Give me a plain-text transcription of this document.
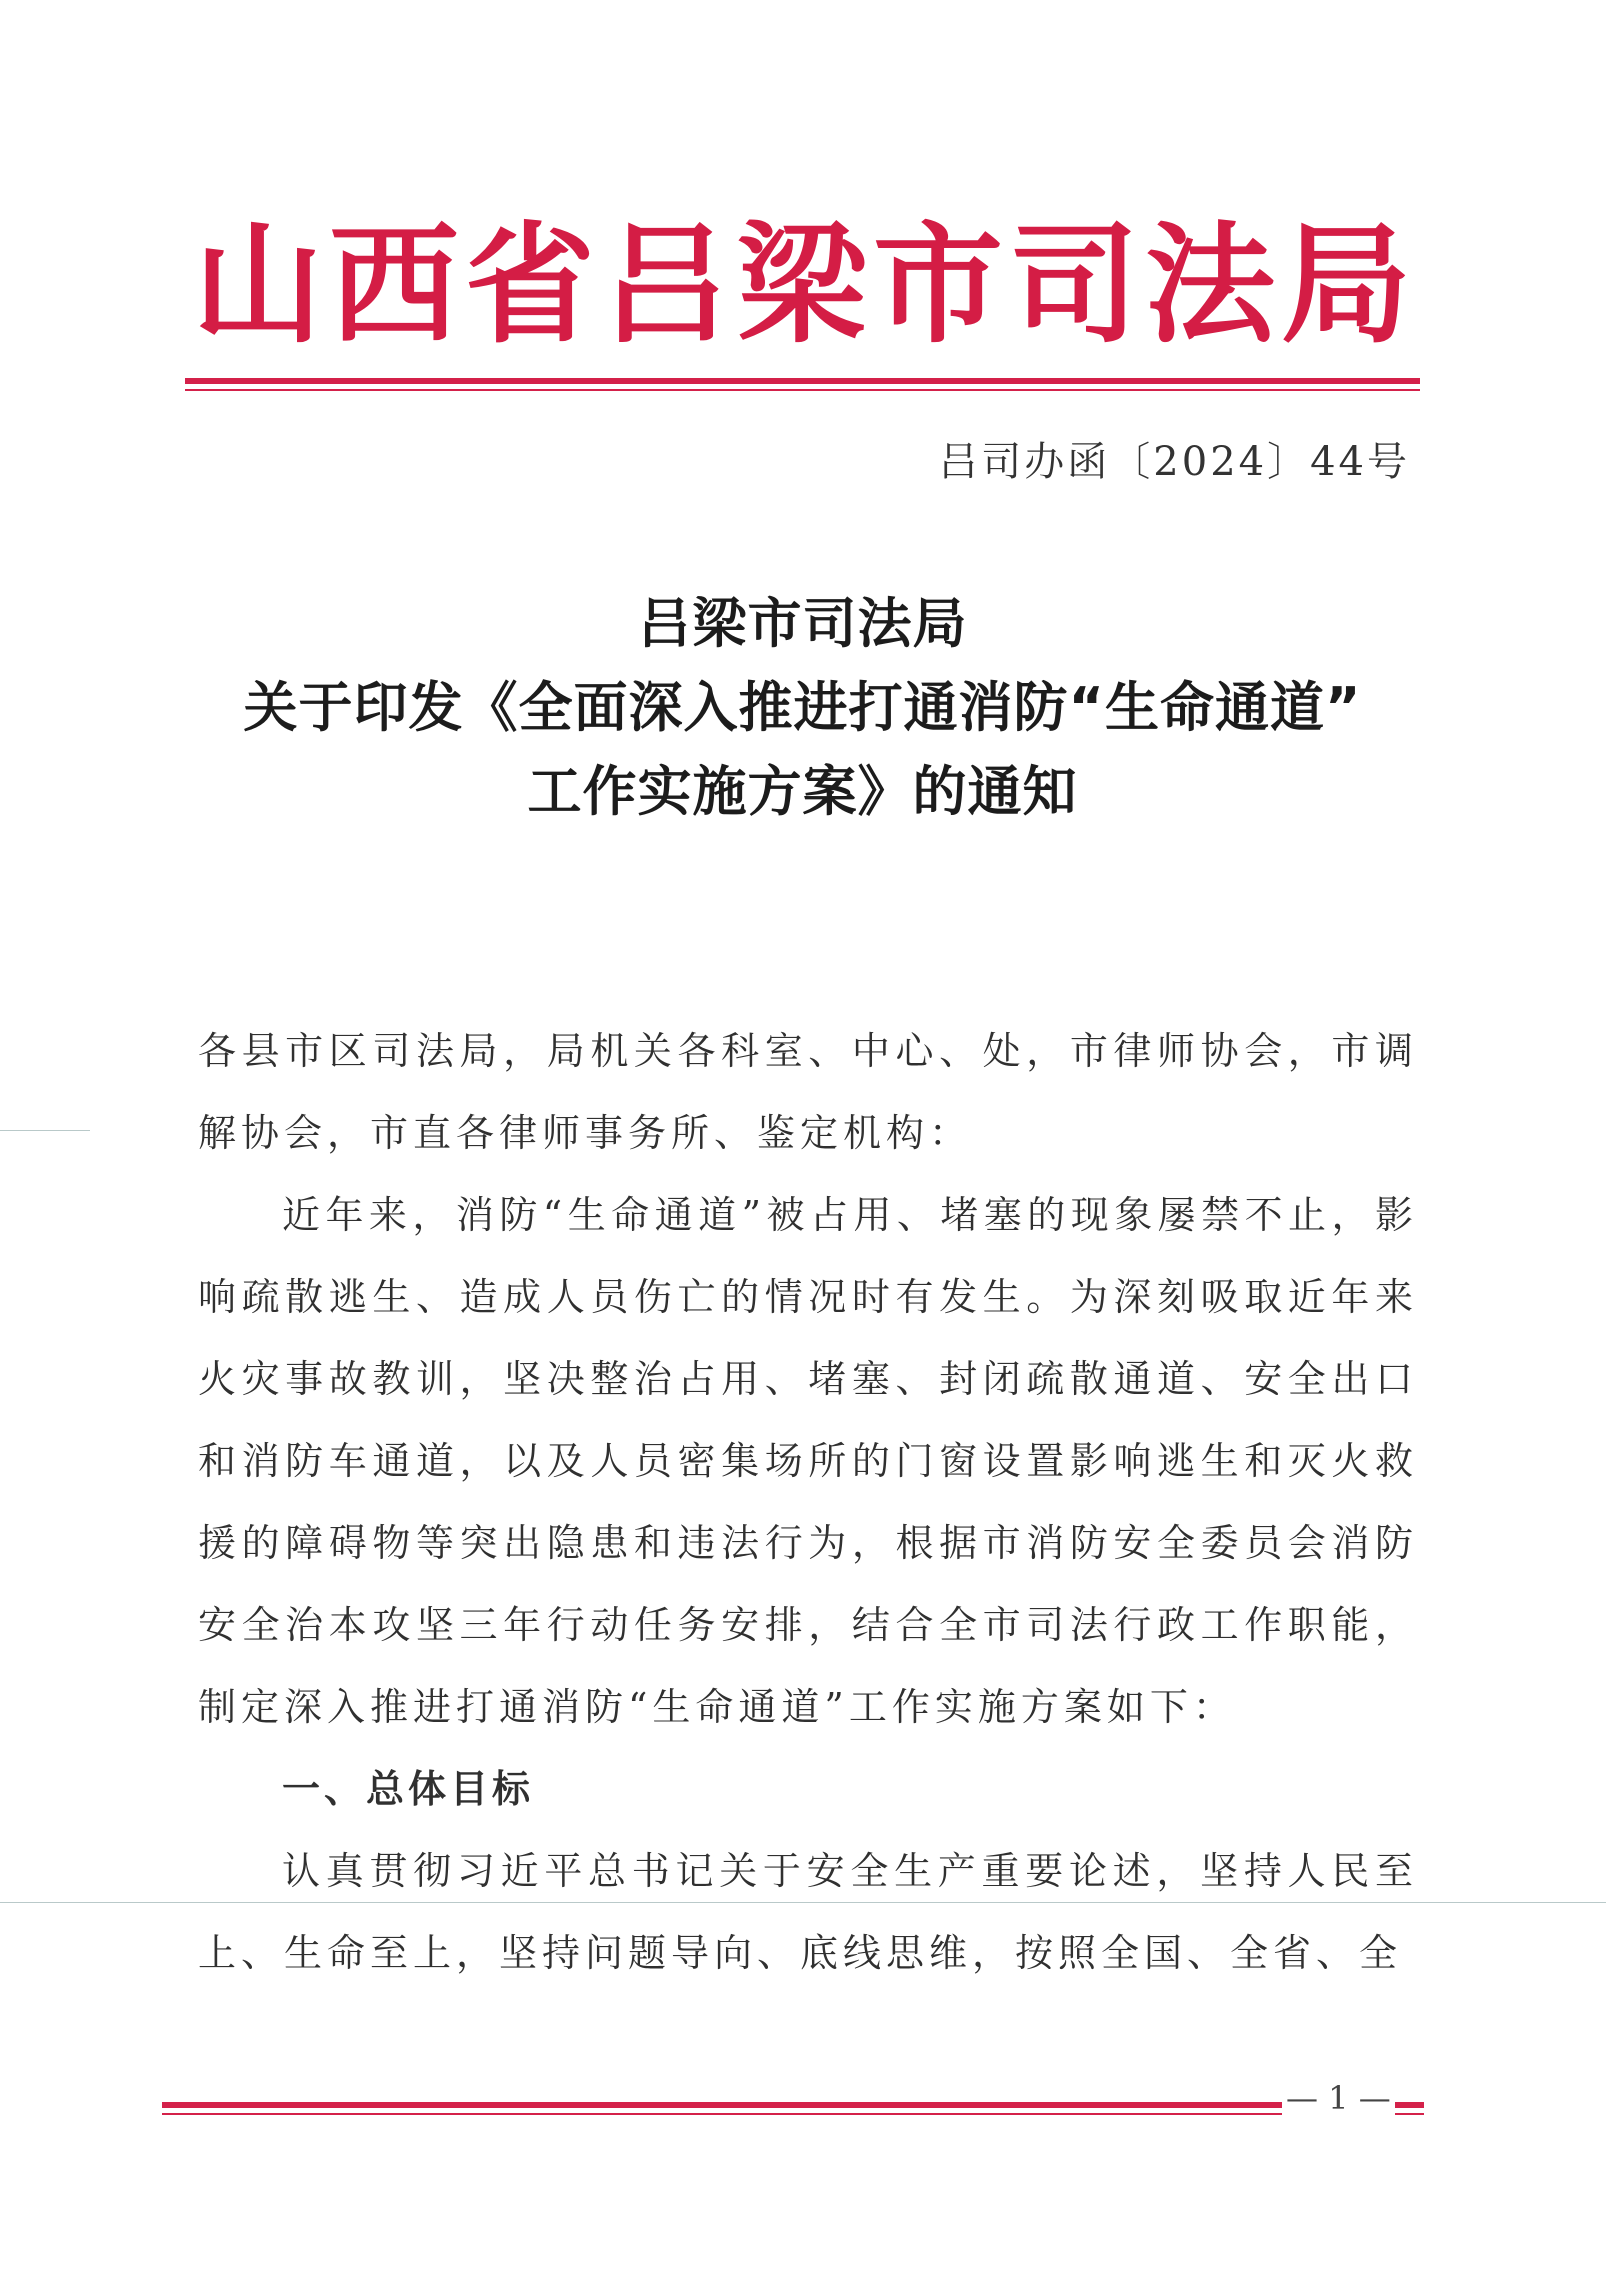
山西省吕梁市司法局
吕司办函〔2024〕44号
吕梁市司法局
关于印发《全面深入推进打通消防“生命通道”
工作实施方案》的通知

各县市区司法局，局机关各科室、中心、处，市律师协会，市调解协会，市直各律师事务所、鉴定机构：

近年来，消防“生命通道”被占用、堵塞的现象屡禁不止，影响疏散逃生、造成人员伤亡的情况时有发生。为深刻吸取近年来火灾事故教训，坚决整治占用、堵塞、封闭疏散通道、安全出口和消防车通道，以及人员密集场所的门窗设置影响逃生和灭火救援的障碍物等突出隐患和违法行为，根据市消防安全委员会消防安全治本攻坚三年行动任务安排，结合全市司法行政工作职能，制定深入推进打通消防“生命通道”工作实施方案如下：

一、总体目标

认真贯彻习近平总书记关于安全生产重要论述，坚持人民至上、生命至上，坚持问题导向、底线思维，按照全国、全省、全

— 1 —
